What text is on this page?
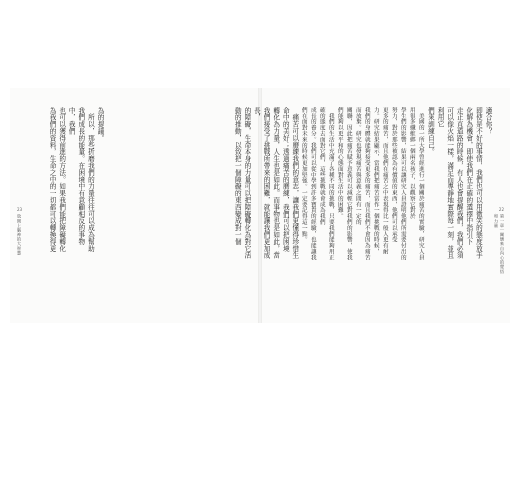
為的提議。
　所以，那些折磨我們的力量往往可以成為幫助我們成長的能量。在困境中有意顧相反的事物中，我們
也可以獲得前進的方法。如果我們能把障礙轉化為我們的資料，生命之中的一切都可以轉換得更
放開上腦神的大智慧
23	22
第一章｜關懷來自內心的覺悟和力量
適合你？
即使是不好的事情，我們也可以用微笑的態度放手化解為機會，即使我們在正確的選擇中指引下
走正直道路的時候，有人也會提醒我們，我們必須可以像火焰一樣，滿足而專靜地實際每一刻，並且利用它
們來訓練自己。
　美國的一所大學曾經進行一個關於痛苦的實驗，研究人員用很多纖維綁一個兩名孩子，以觀察它對於
學生們的影響，結果可以讓研究人員證明他們所需要付出的努力，對於那些被認為有價值的東西，他們可以承受
更多的痛苦，而且他們在痛苦之中表現得比一般人更有耐力。研究結果顯示，當我們把痛苦當作一個挑戰的時候，
我們的身體就能夠接受更多的痛苦，而且我們不會因為痛苦而放棄。研究也發現痛苦與意義之間有一定的
關聯，因此把痛苦賦予意義可以減輕它對我們的影響，使我們能夠以更平和的心態面對生活中的困難。
　我們的生活中充滿了各種不同的挑戰，只要我們能夠用正確的態度去面對它們，這些挑戰就會成為我們
成長的養分。我們可以從中學到許多寶貴的經驗，也能讓我們在面對未來的時候更加堅強。一定要記得這一點。
　痛苦可以磨練我們的意志，讓我們更懂得珍惜生命中的美好；透過痛苦的磨練，我們可以把困境
轉化為力量，人生也是如此。而事物也是如此，當我們接受了挑戰所帶來的困難，就能讓我們更加成長，
的障礙，生命本身的力量可以把障礙轉化為對它活動的推動，以致把一個障礙的東西變成對一個
